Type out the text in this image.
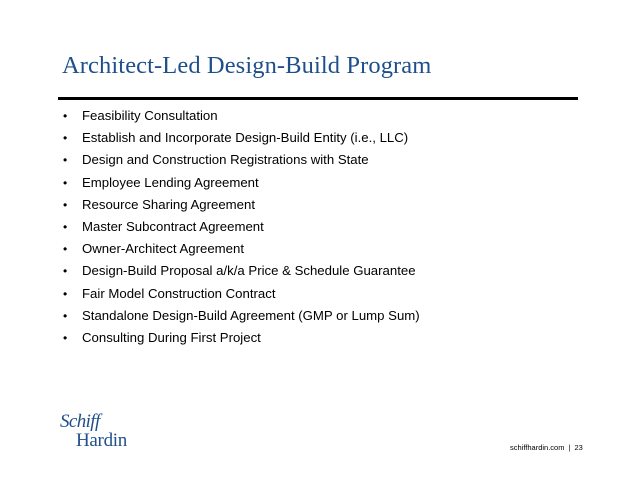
Architect-Led Design-Build Program
•	Feasibility Consultation
•	Establish and Incorporate Design-Build Entity (i.e., LLC)
•	Design and Construction Registrations with State
•	Employee Lending Agreement
•	Resource Sharing Agreement
•	Master Subcontract Agreement
•	Owner-Architect Agreement
•	Design-Build Proposal a/k/a Price & Schedule Guarantee
•	Fair Model Construction Contract
•	Standalone Design-Build Agreement (GMP or Lump Sum)
•	Consulting During First Project
Schiff
Hardin	schiffhardin.com | 23
